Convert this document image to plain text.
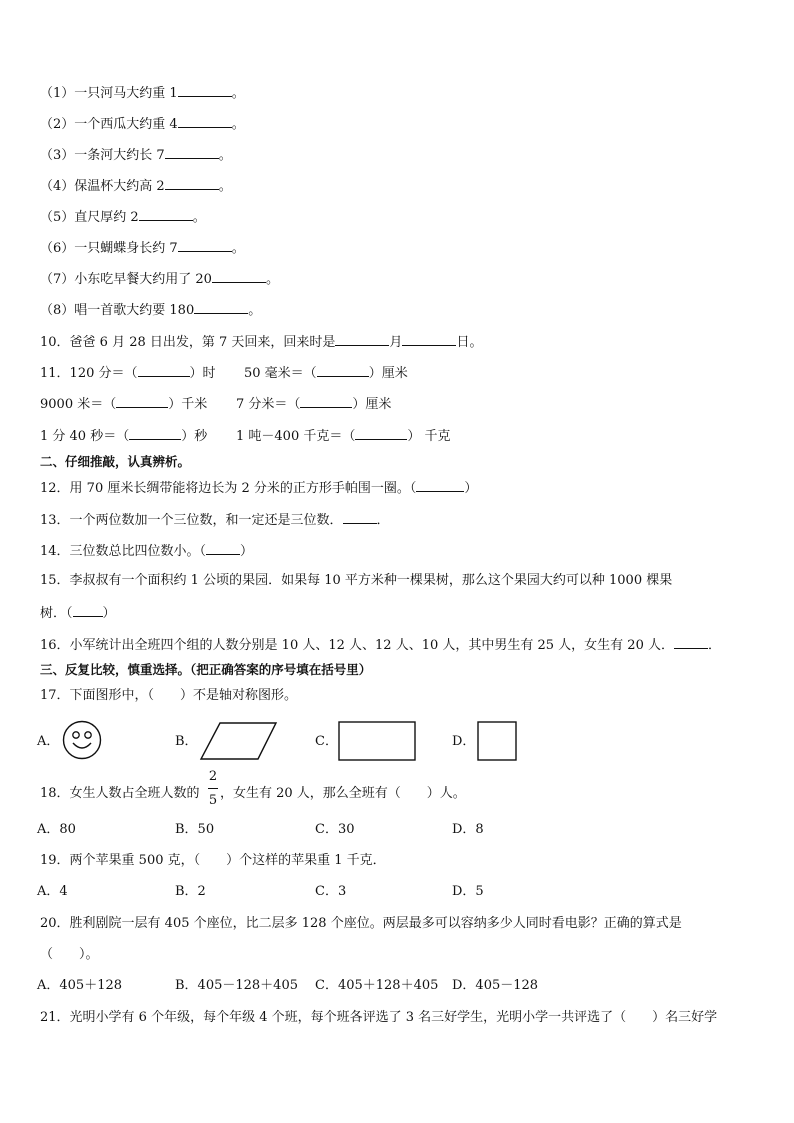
（1）一只河马大约重 1	。
（2）一个西瓜大约重 4	。
（3）一条河大约长 7	。
（4）保温杯大约高 2	。
（5）直尺厚约 2	。
（6）一只蝴蝶身长约 7	。
（7）小东吃早餐大约用了 20	。
（8）唱一首歌大约要 180	。
10．爸爸 6 月 28 日出发，第 7 天回来，回来时是	月	日。
11．120 分＝（	）时 50 毫米＝（	）厘米
9000 米＝（	）千米 7 分米＝（	）厘米
1 分 40 秒＝（	）秒 1 吨－400 千克＝（	） 千克
二、仔细推敲，认真辨析。
12．用 70 厘米长绸带能将边长为 2 分米的正方形手帕围一圈。（	）
13．一个两位数加一个三位数，和一定还是三位数．	．
14．三位数总比四位数小。（	）
15．李叔叔有一个面积约 1 公顷的果园．如果每 10 平方米种一棵果树，那么这个果园大约可以种 1000 棵果
树．（ ）
16．小军统计出全班四个组的人数分别是 10 人、12 人、12 人、10 人，其中男生有 25 人，女生有 20 人．	．
三、反复比较，慎重选择。（把正确答案的序号填在括号里）
17．下面图形中，（　　）不是轴对称图形。
A．	B．	C．	D．
18．女生人数占全班人数的
2
5 ，女生有 20 人，那么全班有（　　）人。
A．80	B．50	C．30	D．8
19．两个苹果重 500 克，（　　）个这样的苹果重 1 千克．
A．4	B．2	C．3	D．5
20．胜利剧院一层有 405 个座位，比二层多 128 个座位。两层最多可以容纳多少人同时看电影？正确的算式是
（　　）。
A．405＋128	B．405－128＋405 C．405＋128＋405 D．405－128
21．光明小学有 6 个年级，每个年级 4 个班，每个班各评选了 3 名三好学生，光明小学一共评选了（　　）名三好学
